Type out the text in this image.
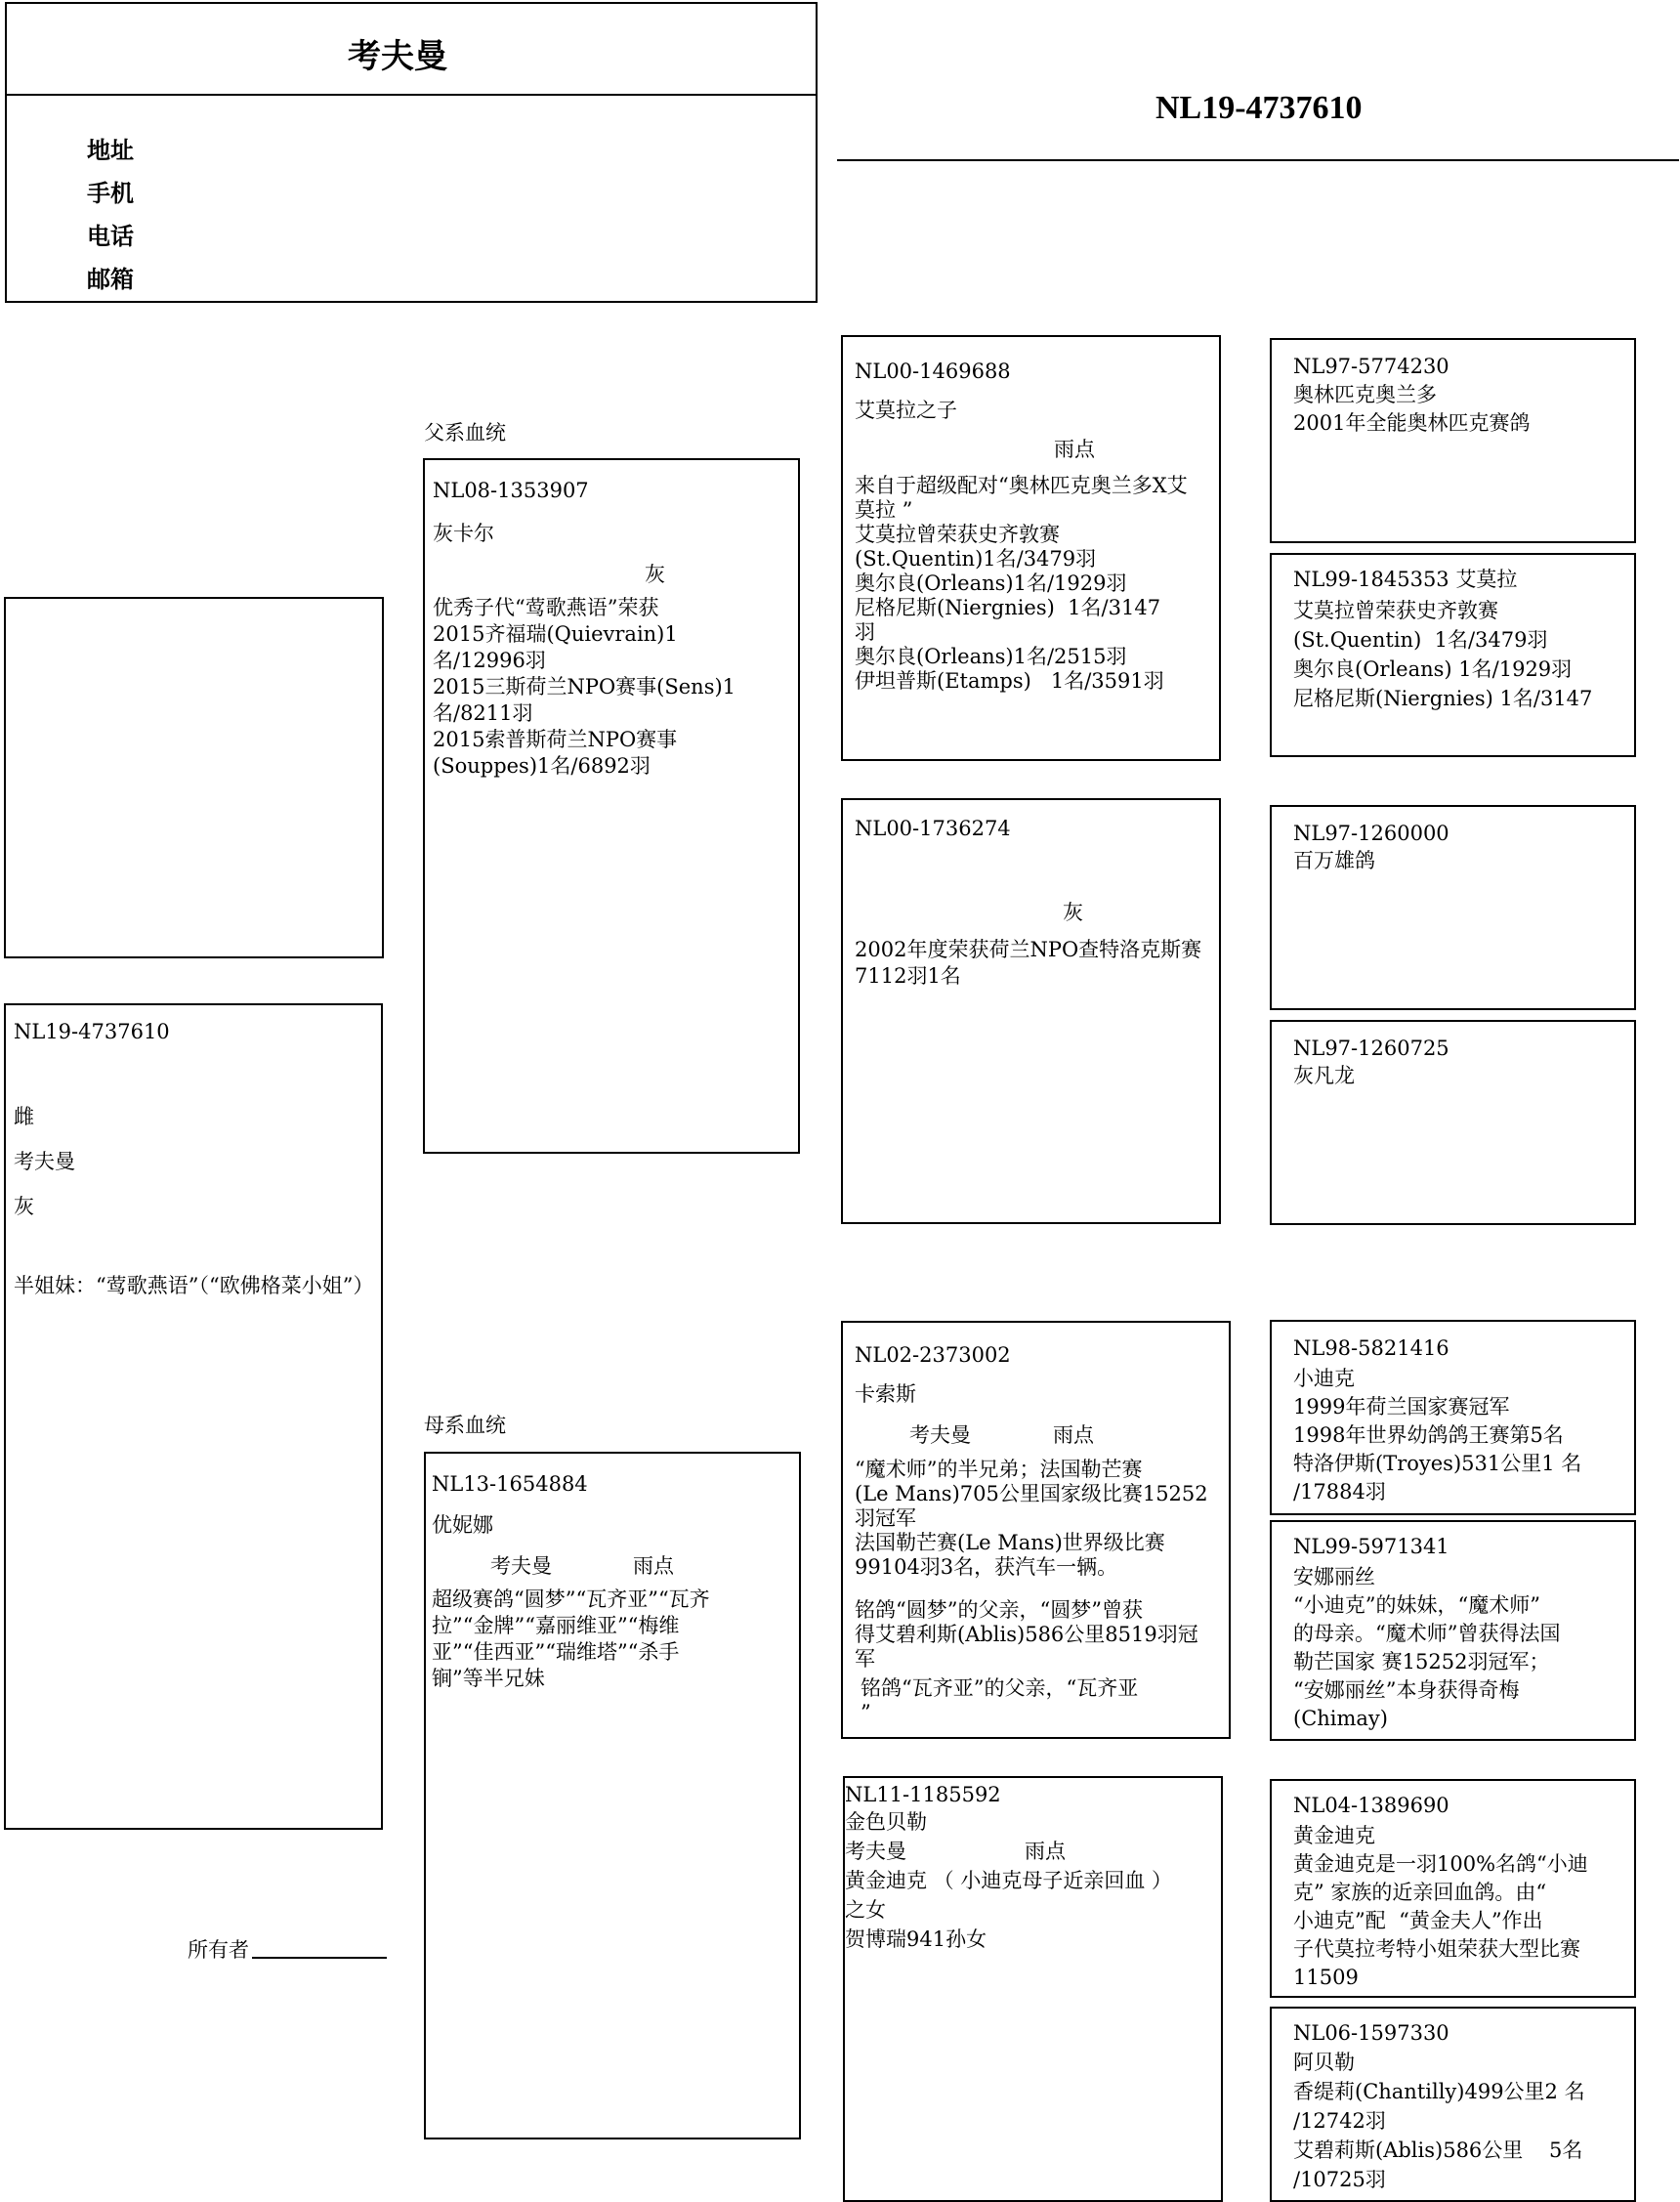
考夫曼
地址
手机
电话
邮箱
NL19-4737610
NL19-4737610
雌
考夫曼
灰
半姐妹：“莺歌燕语”（“欧佛格菜小姐”）
所有者
父系血统
母系血统
NL08-1353907
灰卡尔
灰
优秀子代“莺歌燕语”荣获
2015齐福瑞(Quievrain)1
名/12996羽
2015三斯荷兰NPO赛事(Sens)1
名/8211羽
2015索普斯荷兰NPO赛事
(Souppes)1名/6892羽
NL13-1654884
优妮娜
考夫曼	雨点
超级赛鸽“圆梦”“瓦齐亚”“瓦齐
拉”“金牌”“嘉丽维亚”“梅维
亚”“佳西亚”“瑞维塔”“杀手
锏”等半兄妹
NL00-1469688
艾莫拉之子
雨点
来自于超级配对“奥林匹克奥兰多X艾
莫拉 ”
艾莫拉曾荣获史齐敦赛
(St.Quentin)1名/3479羽
奥尔良(Orleans)1名/1929羽
尼格尼斯(Niergnies)  1名/3147
羽
奥尔良(Orleans)1名/2515羽
伊坦普斯(Etamps)   1名/3591羽
NL00-1736274
灰
2002年度荣获荷兰NPO查特洛克斯赛
7112羽1名
NL02-2373002
卡索斯
考夫曼	雨点
“魔术师”的半兄弟；法国勒芒赛
(Le Mans)705公里国家级比赛15252
羽冠军
法国勒芒赛(Le Mans)世界级比赛
99104羽3名，获汽车一辆。
铭鸽“圆梦”的父亲，“圆梦”曾获
得艾碧利斯(Ablis)586公里8519羽冠
军
铭鸽“瓦齐亚”的父亲，“瓦齐亚
”
NL11-1185592
金色贝勒
考夫曼	雨点
黄金迪克 （ 小迪克母子近亲回血 ）
之女
贺博瑞941孙女
NL97-5774230
奥林匹克奥兰多
2001年全能奥林匹克赛鸽
NL99-1845353 艾莫拉
艾莫拉曾荣获史齐敦赛
(St.Quentin)  1名/3479羽
奥尔良(Orleans) 1名/1929羽
尼格尼斯(Niergnies) 1名/3147
NL97-1260000
百万雄鸽
NL97-1260725
灰凡龙
NL98-5821416
小迪克
1999年荷兰国家赛冠军
1998年世界幼鸽鸽王赛第5名
特洛伊斯(Troyes)531公里1 名
/17884羽
NL99-5971341
安娜丽丝
“小迪克”的妹妹，“魔术师”
的母亲。“魔术师”曾获得法国
勒芒国家 赛15252羽冠军；
“安娜丽丝”本身获得奇梅
(Chimay)
NL04-1389690
黄金迪克
黄金迪克是一羽100%名鸽“小迪
克” 家族的近亲回血鸽。由“
小迪克”配  “黄金夫人”作出
子代莫拉考特小姐荣获大型比赛
11509
NL06-1597330
阿贝勒
香缇莉(Chantilly)499公里2 名
/12742羽
艾碧莉斯(Ablis)586公里    5名
/10725羽
